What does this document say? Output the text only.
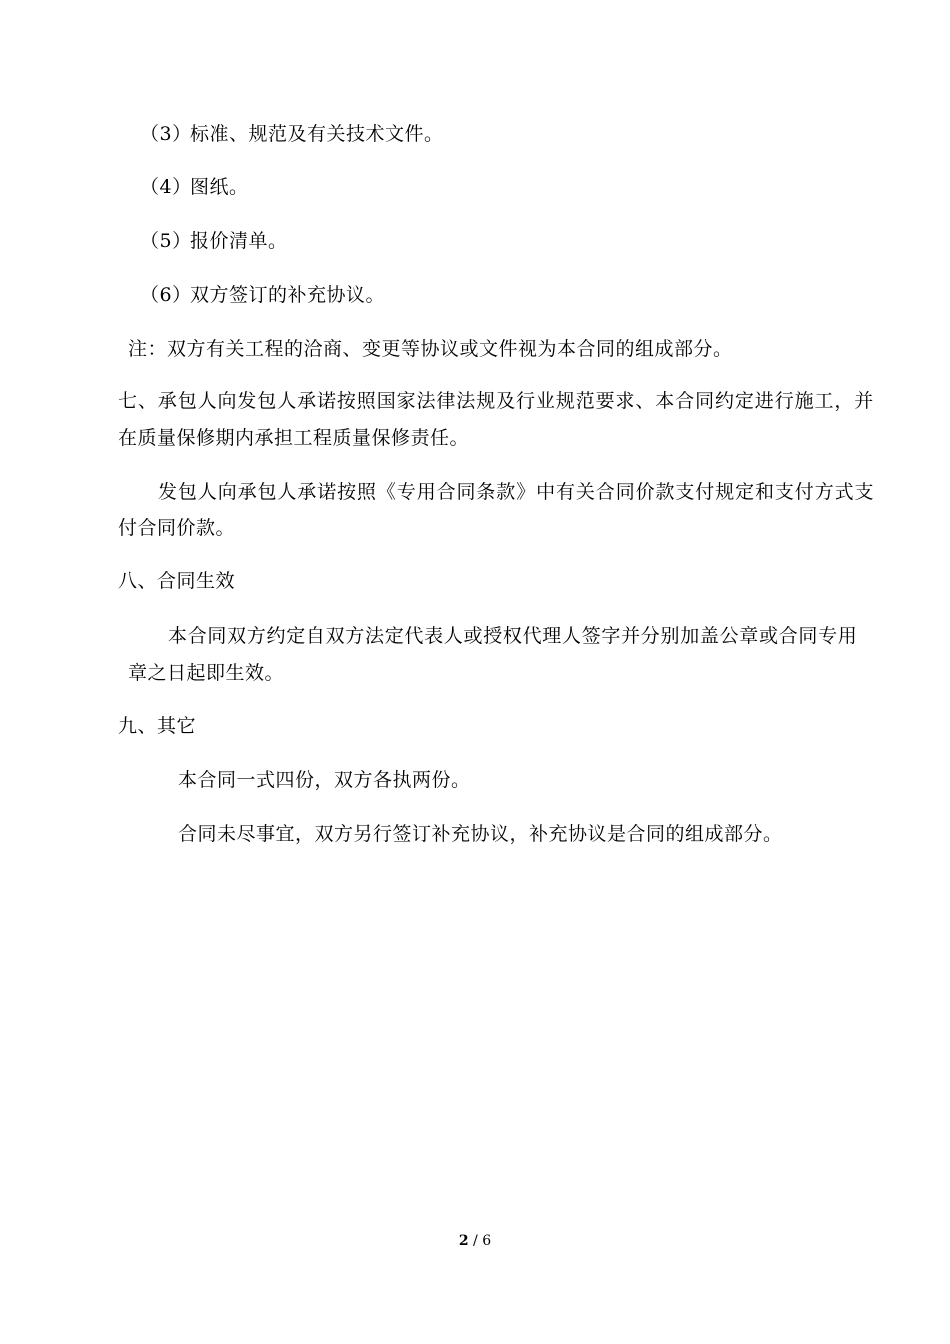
（3）标准、规范及有关技术文件。
（4）图纸。
（5）报价清单。
（6）双方签订的补充协议。
注：双方有关工程的洽商、变更等协议或文件视为本合同的组成部分。
七、承包人向发包人承诺按照国家法律法规及行业规范要求、本合同约定进行施工，并
在质量保修期内承担工程质量保修责任。
发包人向承包人承诺按照《专用合同条款》中有关合同价款支付规定和支付方式支
付合同价款。
八、合同生效
本合同双方约定自双方法定代表人或授权代理人签字并分别加盖公章或合同专用
章之日起即生效。
九、其它
本合同一式四份，双方各执两份。
合同未尽事宜，双方另行签订补充协议，补充协议是合同的组成部分。
2 / 6
